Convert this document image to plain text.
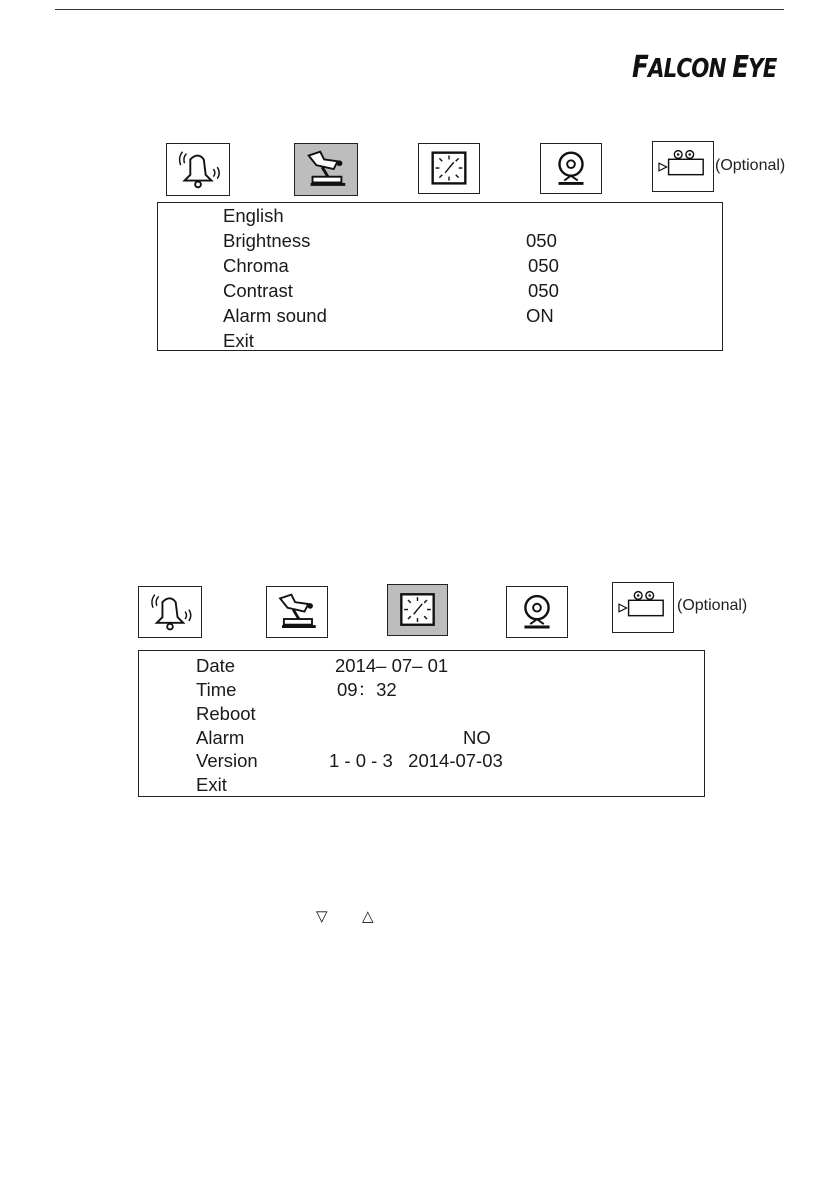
FALCON EYE
(Optional)
English
Brightness	050
Chroma	050
Contrast	050
Alarm sound	ON
Exit
(Optional)
Date	2014– 07– 01
Time	09：32
Reboot
Alarm	NO
Version	1 - 0 - 3   2014-07-03
Exit
▽ △
